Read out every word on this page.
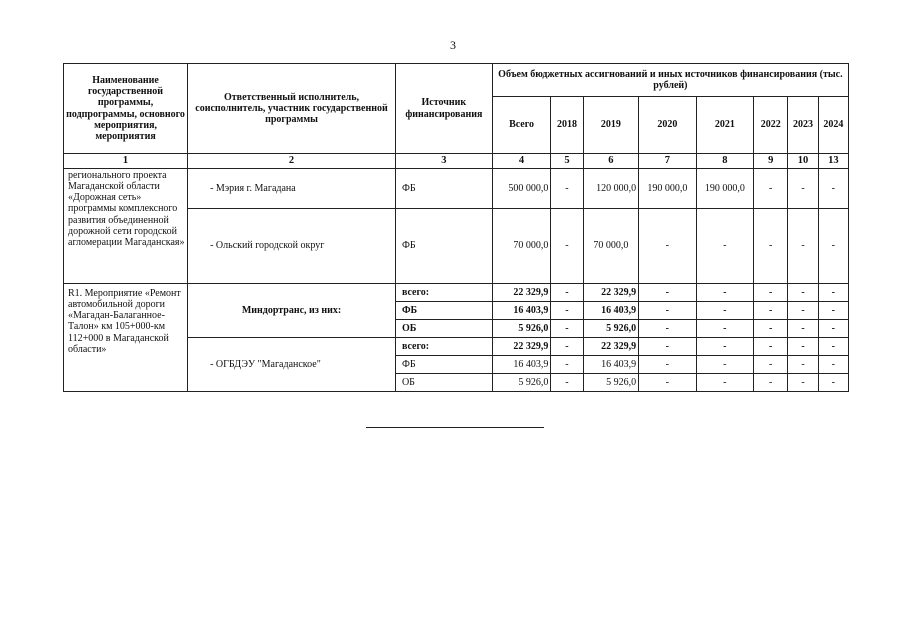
3
Наименование государственной программы, подпрограммы, основного мероприятия, мероприятия	Ответственный исполнитель, соисполнитель, участник государственной программы	Источник финансирования	Объем бюджетных ассигнований и иных источников финансирования (тыс. рублей)							
			Всего	2018	2019	2020	2021	2022	2023	2024
1	2	3	4	5	6	7	8	9	10	13
регионального проекта Магаданской области «Дорожная сеть» программы комплексного развития объединенной дорожной сети городской агломерации Магаданская»	- Мэрия г. Магадана	ФБ	500 000,0	-	120 000,0	190 000,0	190 000,0	-	-	-
	- Ольский городской округ	ФБ	70 000,0	-	70 000,0	-	-	-	-	-
R1. Мероприятие «Ремонт автомобильной дороги «Магадан-Балаганное-Талон» км 105+000-км 112+000 в Магаданской области»	Миндортранс, из них:	всего:	22 329,9	-	22 329,9	-	-	-	-	-
		ФБ	16 403,9	-	16 403,9	-	-	-	-	-
		ОБ	5 926,0	-	5 926,0	-	-	-	-	-
	- ОГБДЭУ "Магаданское"	всего:	22 329,9	-	22 329,9	-	-	-	-	-
		ФБ	16 403,9	-	16 403,9	-	-	-	-	-
		ОБ	5 926,0	-	5 926,0	-	-	-	-	-
